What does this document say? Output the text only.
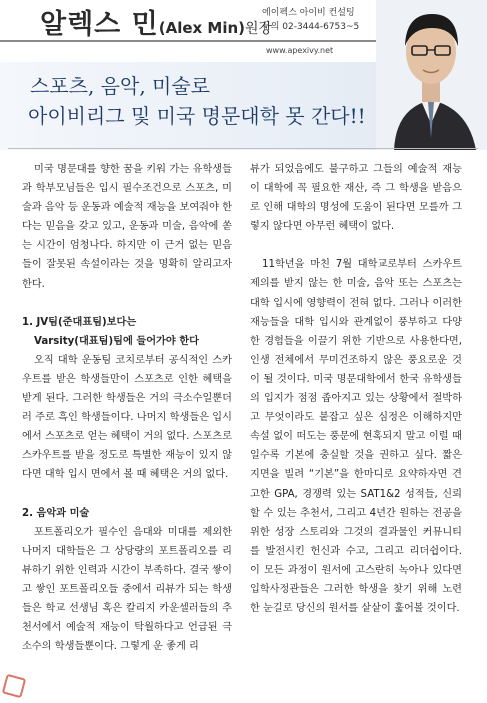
알렉스 민(Alex Min)원장
에이펙스 아이비 컨설팅
문의 02-3444-6753~5
www.apexivy.net
스포츠, 음악, 미술로
아이비리그 및 미국 명문대학 못 간다!!

미국 명문대를 향한 꿈을 키워 가는 유학생들과 학부모님들은 입시 필수조건으로 스포츠, 미술과 음악 등 운동과 예술적 재능을 보여줘야 한다는 믿음을 갖고 있고, 운동과 미술, 음악에 쏟는 시간이 엄청나다. 하지만 이 근거 없는 믿음들이 잘못된 속설이라는 것을 명확히 알리고자 한다.

1. JV팀(준대표팀)보다는

Varsity(대표팀)팀에 들어가야 한다

오직 대학 운동팀 코치로부터 공식적인 스카우트를 받은 학생들만이 스포츠로 인한 혜택을 받게 된다. 그러한 학생들은 거의 극소수일뿐더러 주로 흑인 학생들이다. 나머지 학생들은 입시에서 스포츠로 얻는 혜택이 거의 없다. 스포츠로 스카우트를 받을 정도로 특별한 재능이 있지 않다면 대학 입시 면에서 볼 때 혜택은 거의 없다.

2. 음악과 미술

포트폴리오가 필수인 음대와 미대를 제외한 나머지 대학들은 그 상당량의 포트폴리오를 리뷰하기 위한 인력과 시간이 부족하다. 결국 쌓이고 쌓인 포트폴리오들 중에서 리뷰가 되는 학생들은 학교 선생님 혹은 칼리지 카운셀러들의 추천서에서 예술적 재능이 탁월하다고 언급된 극소수의 학생들뿐이다. 그렇게 운 좋게 리

뷰가 되었음에도 불구하고 그들의 예술적 재능이 대학에 꼭 필요한 재산, 즉 그 학생을 받음으로 인해 대학의 명성에 도움이 된다면 모를까 그렇지 않다면 아무런 혜택이 없다.

11학년을 마친 7월 대학교로부터 스카우트 제의를 받지 않는 한 미술, 음악 또는 스포츠는 대학 입시에 영향력이 전혀 없다. 그러나 이러한 재능들을 대학 입시와 관계없이 풍부하고 다양한 경험들을 이끌기 위한 기반으로 사용한다면, 인생 전체에서 무미건조하지 않은 풍요로운 것이 될 것이다. 미국 명문대학에서 한국 유학생들의 입지가 점점 좁아지고 있는 상황에서 절박하고 무엇이라도 붙잡고 싶은 심정은 이해하지만 속설 없이 떠도는 풍문에 현혹되지 말고 이럴 때일수록 기본에 충실할 것을 권하고 싶다. 짧은 지면을 빌려 “기본”을 한마디로 요약하자면 견고한 GPA, 경쟁력 있는 SAT1&2 성적들, 신뢰할 수 있는 추천서, 그리고 4년간 원하는 전공을 위한 성장 스토리와 그것의 결과물인 커뮤니티를 발전시킨 헌신과 수고, 그리고 리더쉽이다. 이 모든 과정이 원서에 고스란히 녹아나 있다면 입학사정관들은 그러한 학생을 찾기 위해 노련한 눈길로 당신의 원서를 샅샅이 훑어볼 것이다.
